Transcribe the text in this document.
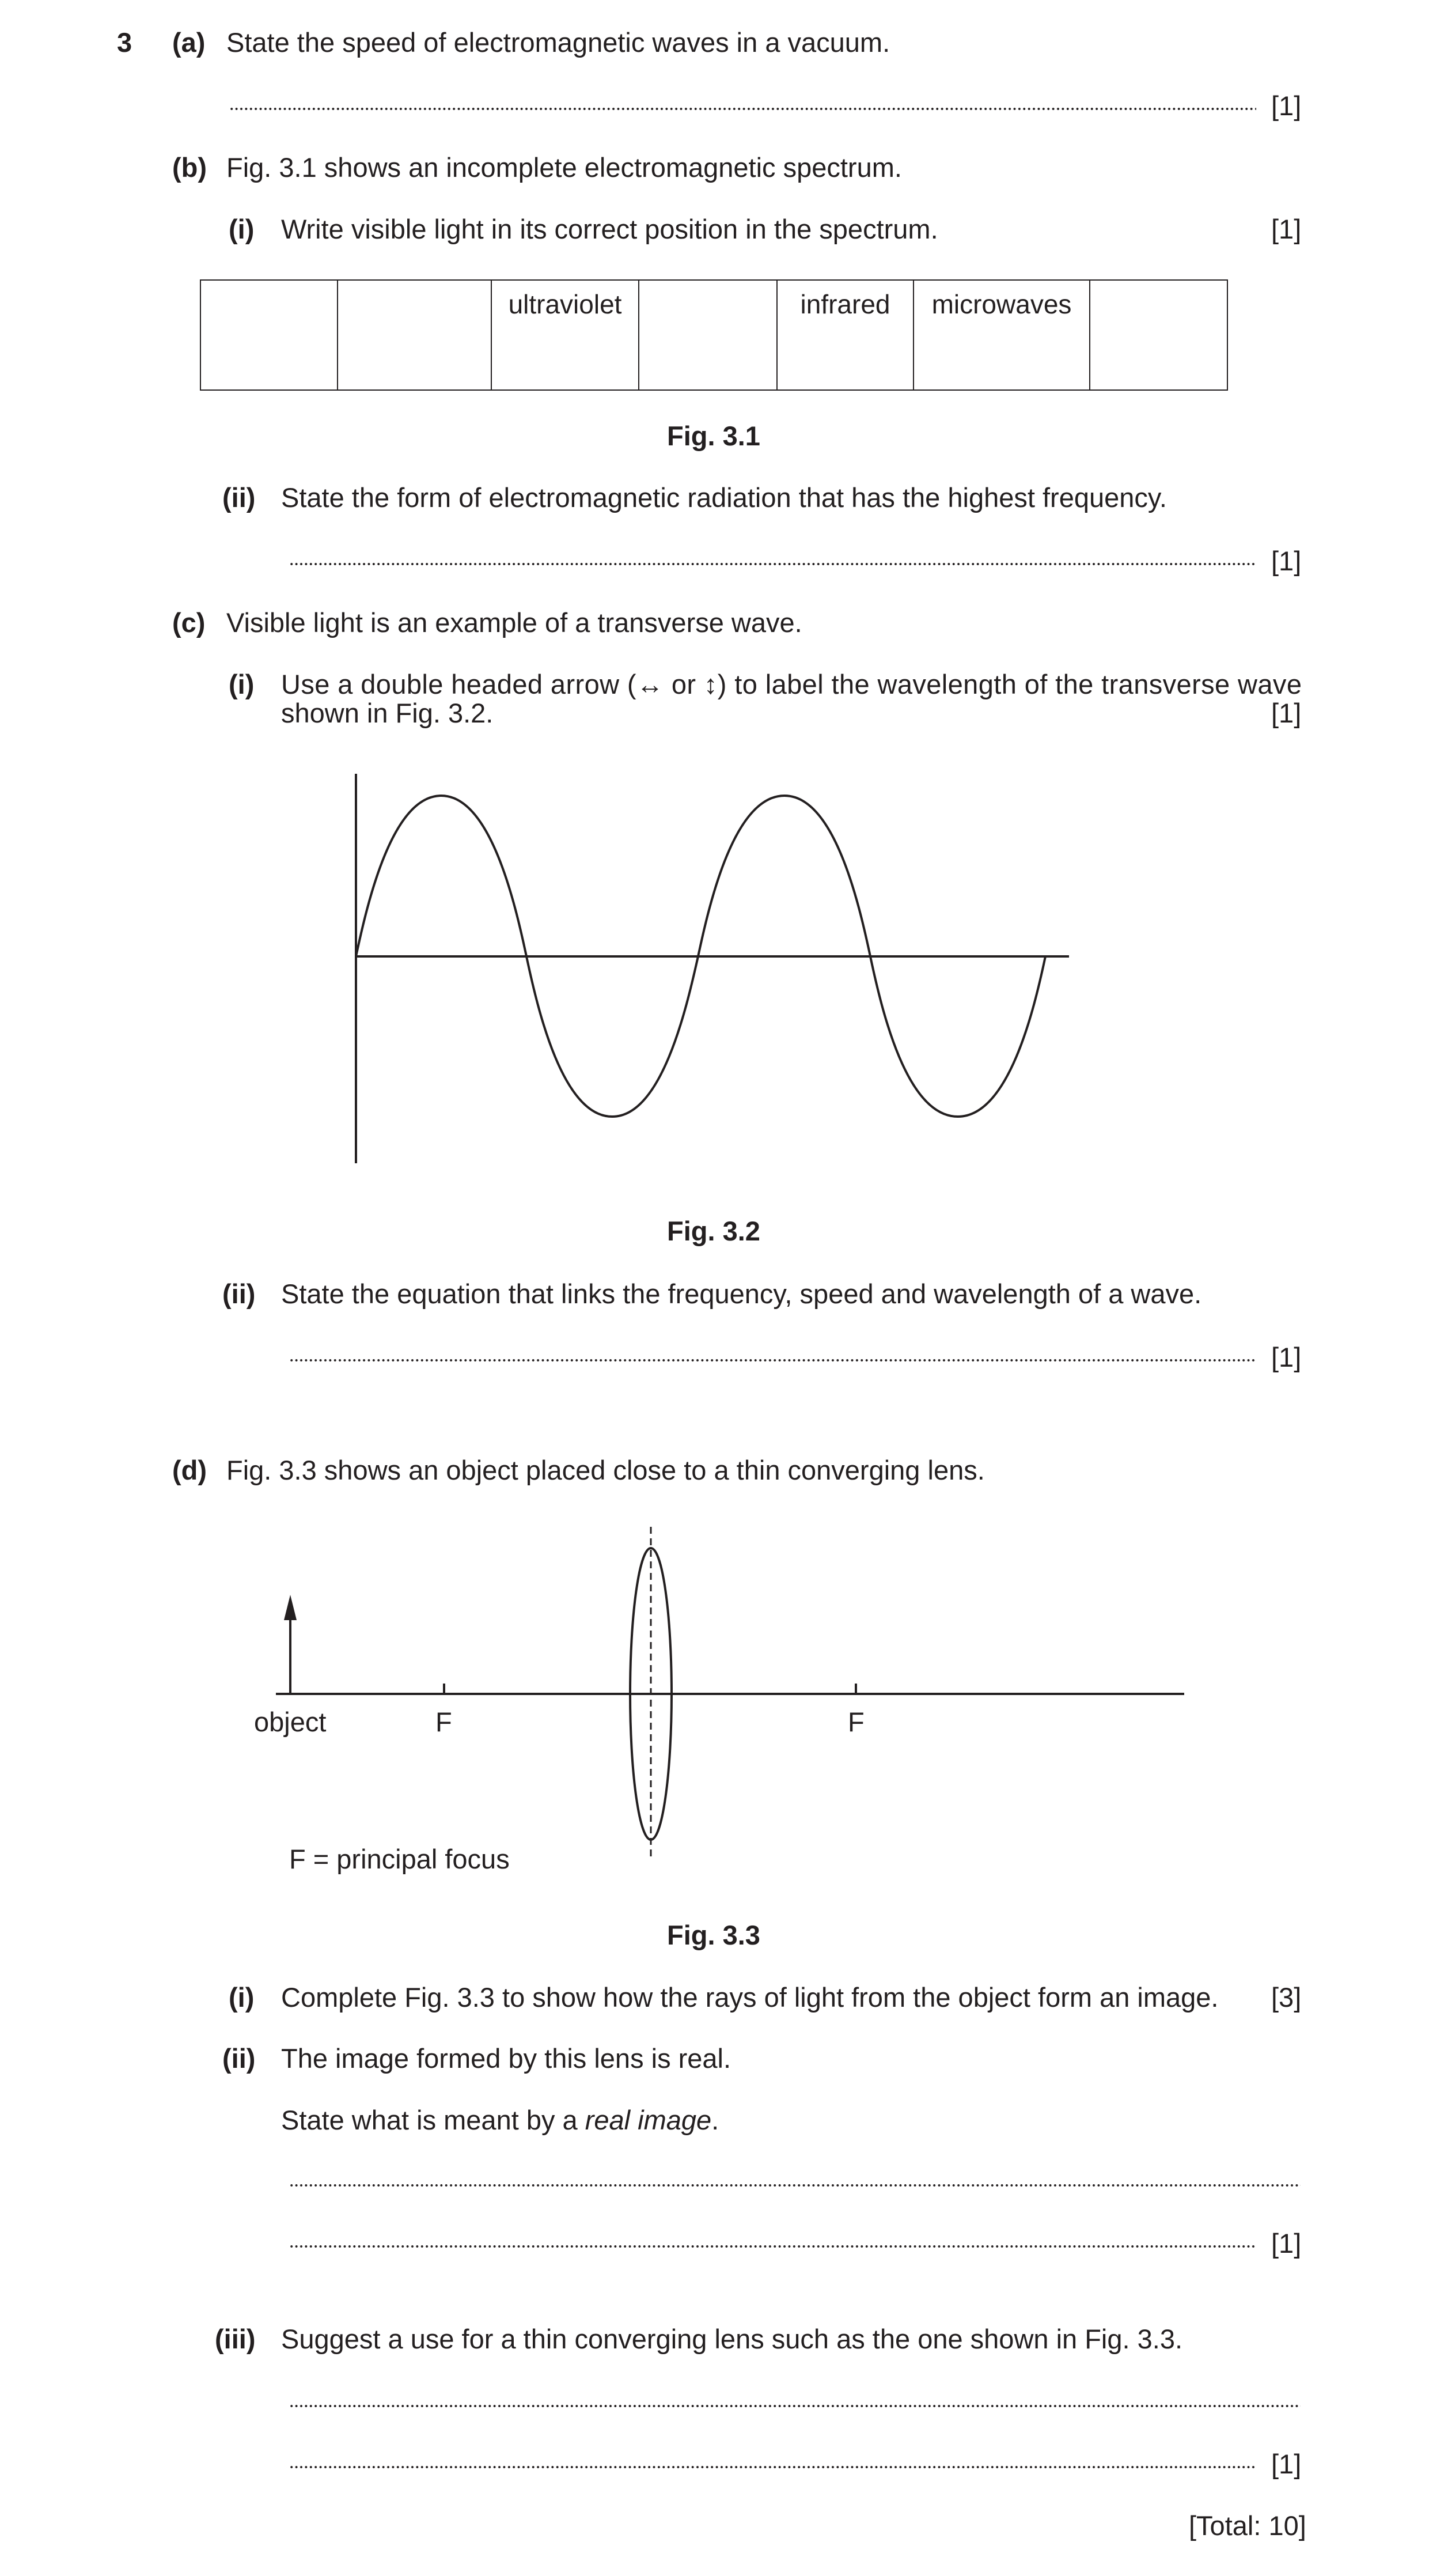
3 (a) State the speed of electromagnetic waves in a vacuum.
[1]
(b) Fig. 3.1 shows an incomplete electromagnetic spectrum.
(i) Write visible light in its correct position in the spectrum.	[1]
		ultraviolet		infrared	microwaves	
Fig. 3.1
(ii) State the form of electromagnetic radiation that has the highest frequency.
[1]
(c) Visible light is an example of a transverse wave.
(i) Use a double headed arrow (↔ or ↕) to label the wavelength of the transverse wave
shown in Fig. 3.2.	[1]
Fig. 3.2
(ii) State the equation that links the frequency, speed and wavelength of a wave.
[1]
(d) Fig. 3.3 shows an object placed close to a thin converging lens.
object	F	F
F = principal focus
Fig. 3.3
(i) Complete Fig. 3.3 to show how the rays of light from the object form an image. [3]
(ii) The image formed by this lens is real.
State what is meant by a real image.
[1]
(iii) Suggest a use for a thin converging lens such as the one shown in Fig. 3.3.
[1]
[Total: 10]
